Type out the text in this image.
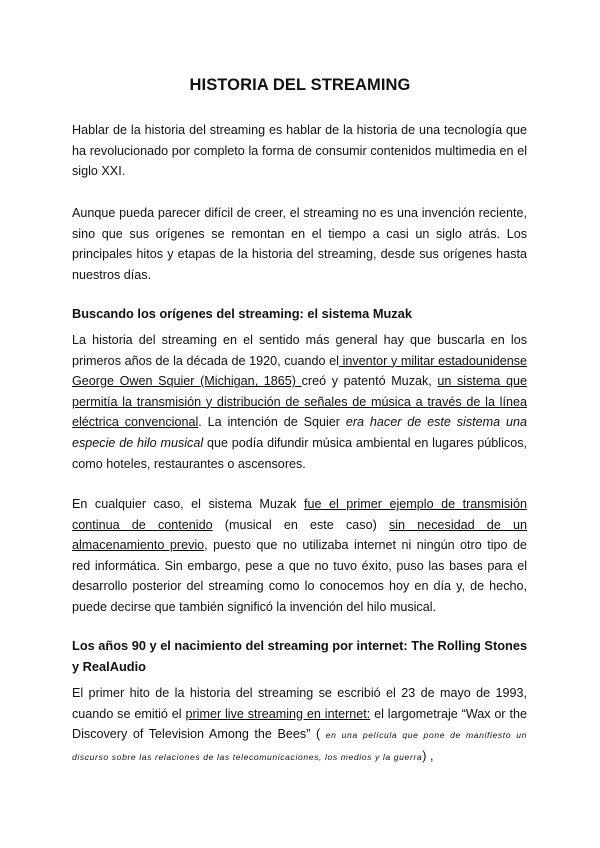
HISTORIA DEL STREAMING

Hablar de la historia del streaming es hablar de la historia de una tecnología que ha revolucionado por completo la forma de consumir contenidos multimedia en el siglo XXI.

Aunque pueda parecer difícil de creer, el streaming no es una invención reciente, sino que sus orígenes se remontan en el tiempo a casi un siglo atrás. Los principales hitos y etapas de la historia del streaming, desde sus orígenes hasta nuestros días.

Buscando los orígenes del streaming: el sistema Muzak

La historia del streaming en el sentido más general hay que buscarla en los primeros años de la década de 1920, cuando el inventor y militar estadounidense George Owen Squier (Michigan, 1865) creó y patentó Muzak, un sistema que permitía la transmisión y distribución de señales de música a través de la línea eléctrica convencional. La intención de Squier era hacer de este sistema una especie de hilo musical que podía difundir música ambiental en lugares públicos, como hoteles, restaurantes o ascensores.

En cualquier caso, el sistema Muzak fue el primer ejemplo de transmisión continua de contenido (musical en este caso) sin necesidad de un almacenamiento previo, puesto que no utilizaba internet ni ningún otro tipo de red informática. Sin embargo, pese a que no tuvo éxito, puso las bases para el desarrollo posterior del streaming como lo conocemos hoy en día y, de hecho, puede decirse que también significó la invención del hilo musical.

Los años 90 y el nacimiento del streaming por internet: The Rolling Stones y RealAudio

El primer hito de la historia del streaming se escribió el 23 de mayo de 1993, cuando se emitió el primer live streaming en internet: el largometraje “Wax or the Discovery of Television Among the Bees” ( en una película que pone de manifiesto un discurso sobre las relaciones de las telecomunicaciones, los medios y la guerra) ,
